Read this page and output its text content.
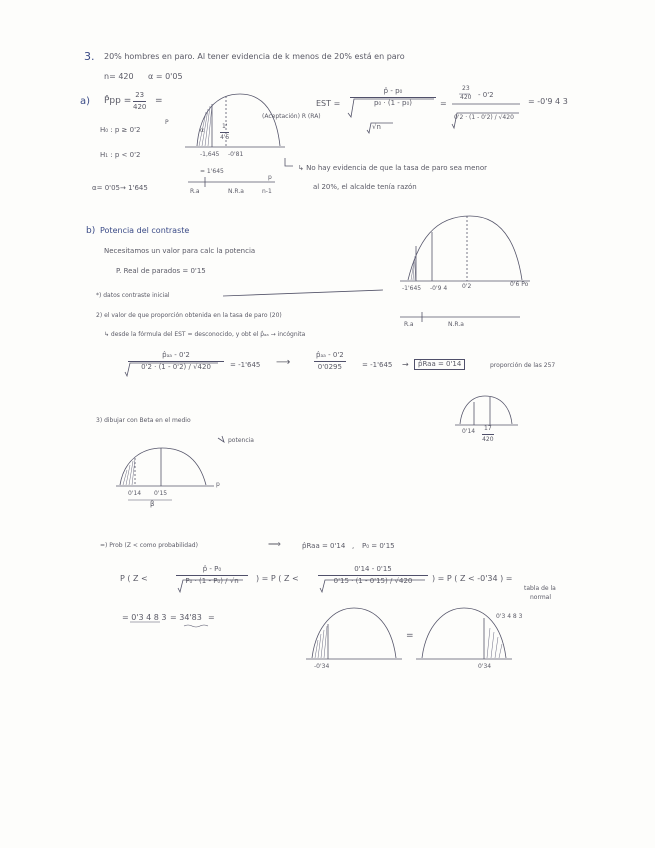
3. 20% hombres en paro. Al tener evidencia de k menos de 20% está en paro
n= 420 α = 0'05
a) P̂pp =
23
420
=
H₀ : p ≥ 0'2
H₁ : p < 0'2
P
(Aceptación) R (RA)
α
1'
4'5
-1,645 -0'81
α= 0'05→ 1'645
= 1'645
p
R.a	N.R.a	n-1
EST =
p̂ - p₀
p₀ · (1 - p₀)
√n
=
23
420 - 0'2
0'2 · (1 - 0'2) / √420
= -0'9 4 3
↳ No hay evidencia de que la tasa de paro sea menor
al 20%, el alcalde tenía razón
b) Potencia del contraste
Necesitamos un valor para calc la potencia
P. Real de parados = 0'15
*) datos contraste inicial
2) el valor de que proporción obtenida en la tasa de paro (20)
↳ desde la fórmula del EST = desconocido, y obt el p̂ₐₐ → incógnita
-1'645 -0'9 4 0'2	0'6 Po
R.a	N.R.a
p̂ₐₐ - 0'2
0'2 · (1 - 0'2) / √420	= -1'645 ⟶
p̂ₐₐ - 0'2
0'0295	= -1'645 →	p̂Raa = 0'14	proporción de las 257
0'14	17
420
3) dibujar con Beta en el medio
potencia
0'14 0'15
β
p
=) Prob (Z < como probabilidad)	⟹	p̂Raa = 0'14 , P₀ = 0'15
P ( Z <
p̂ - P₀
P₀ · (1 - P₀) / √n	) = P ( Z <
0'14 - 0'15
0'15 · (1 - 0'15) / √420	) = P ( Z < -0'34 ) =
tabla de la
normal
= 0'3 4 8 3 = 34'83 =
-0'34
=
0'34
0'3 4 8 3
